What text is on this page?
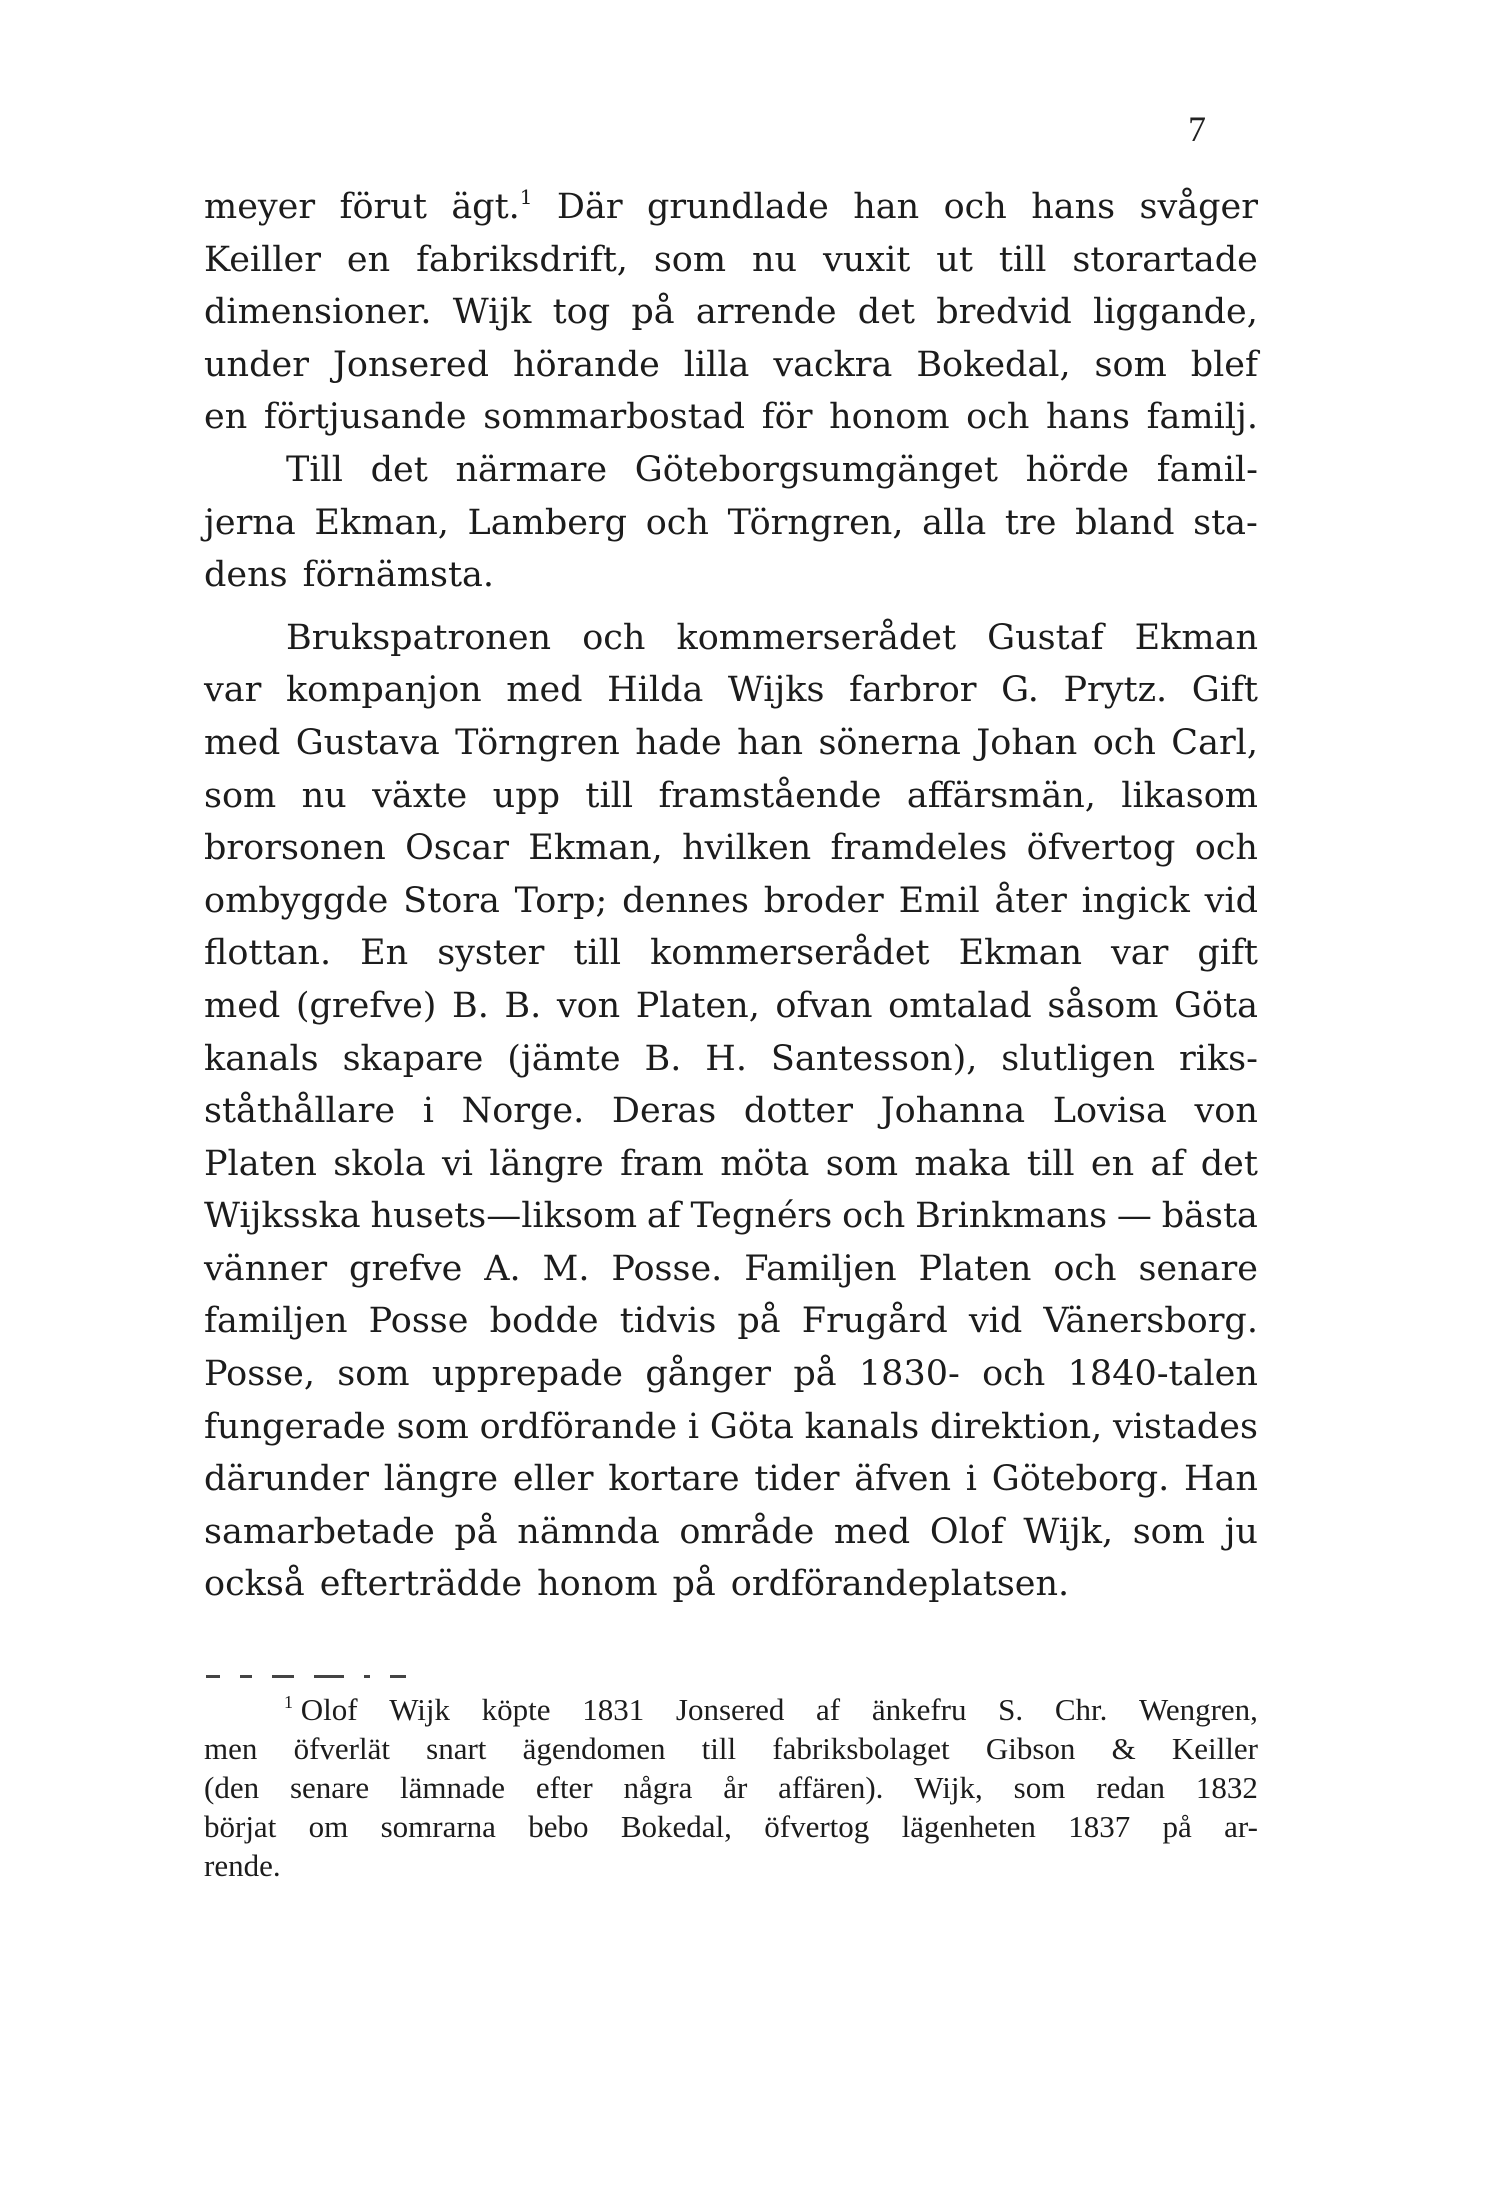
7
meyer förut ägt.$^1$ Där grundlade han och hans svåger
Keiller en fabriksdrift, som nu vuxit ut till storartade
dimensioner. Wijk tog på arrende det bredvid liggande,
under Jonsered hörande lilla vackra Bokedal, som blef
en förtjusande sommarbostad för honom och hans familj.
Till det närmare Göteborgsumgänget hörde famil-
jerna Ekman, Lamberg och Törngren, alla tre bland sta-
dens förnämsta.
Brukspatronen och kommerserådet Gustaf Ekman
var kompanjon med Hilda Wijks farbror G. Prytz. Gift
med Gustava Törngren hade han sönerna Johan och Carl,
som nu växte upp till framstående affärsmän, likasom
brorsonen Oscar Ekman, hvilken framdeles öfvertog och
ombyggde Stora Torp; dennes broder Emil åter ingick vid
flottan. En syster till kommerserådet Ekman var gift
med (grefve) B. B. von Platen, ofvan omtalad såsom Göta
kanals skapare (jämte B. H. Santesson), slutligen riks-
ståthållare i Norge. Deras dotter Johanna Lovisa von
Platen skola vi längre fram möta som maka till en af det
Wijksska husets—liksom af Tegnérs och Brinkmans — bästa
vänner grefve A. M. Posse. Familjen Platen och senare
familjen Posse bodde tidvis på Frugård vid Vänersborg.
Posse, som upprepade gånger på 1830- och 1840-talen
fungerade som ordförande i Göta kanals direktion, vistades
därunder längre eller kortare tider äfven i Göteborg. Han
samarbetade på nämnda område med Olof Wijk, som ju
också efterträdde honom på ordförandeplatsen.
$^1$ Olof Wijk köpte 1831 Jonsered af änkefru S. Chr. Wengren,
men öfverlät snart ägendomen till fabriksbolaget Gibson & Keiller
(den senare lämnade efter några år affären). Wijk, som redan 1832
börjat om somrarna bebo Bokedal, öfvertog lägenheten 1837 på ar-
rende.
